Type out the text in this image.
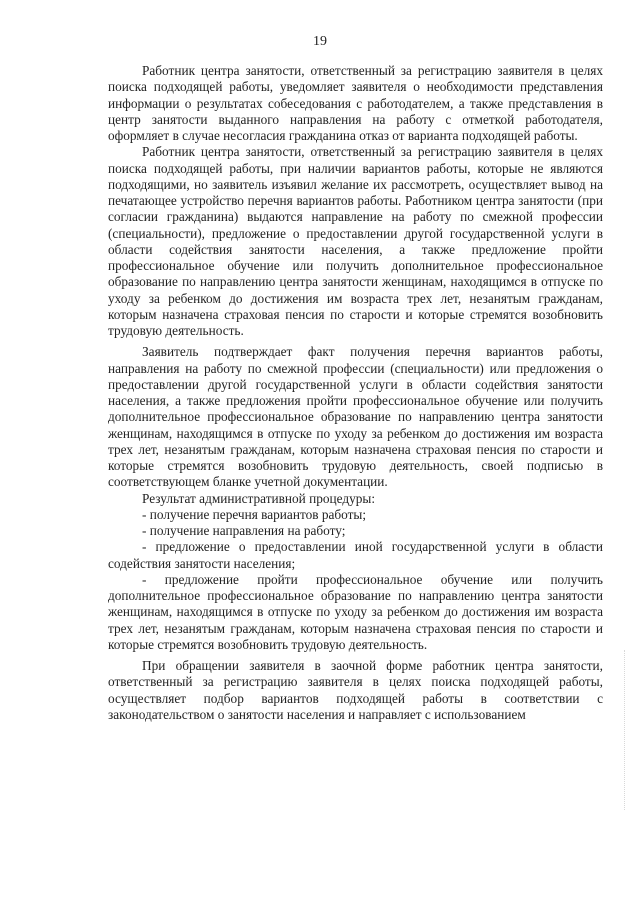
19

Работник центра занятости, ответственный за регистрацию заявителя в целях поиска подходящей работы, уведомляет заявителя о необходимости представления информации о результатах собеседования с работодателем, а также представления в центр занятости выданного направления на работу с отметкой работодателя, оформляет в случае несогласия гражданина отказ от варианта подходящей работы.

Работник центра занятости, ответственный за регистрацию заявителя в целях поиска подходящей работы, при наличии вариантов работы, которые не являются подходящими, но заявитель изъявил желание их рассмотреть, осуществляет вывод на печатающее устройство перечня вариантов работы. Работником центра занятости (при согласии гражданина) выдаются направление на работу по смежной профессии (специальности), предложение о предоставлении другой государственной услуги в области содействия занятости населения, а также предложение пройти профессиональное обучение или получить дополнительное профессиональное образование по направлению центра занятости женщинам, находящимся в отпуске по уходу за ребенком до достижения им возраста трех лет, незанятым гражданам, которым назначена страховая пенсия по старости и которые стремятся возобновить трудовую деятельность.

Заявитель подтверждает факт получения перечня вариантов работы, направления на работу по смежной профессии (специальности) или предложения о предоставлении другой государственной услуги в области содействия занятости населения, а также предложения пройти профессиональное обучение или получить дополнительное профессиональное образование по направлению центра занятости женщинам, находящимся в отпуске по уходу за ребенком до достижения им возраста трех лет, незанятым гражданам, которым назначена страховая пенсия по старости и которые стремятся возобновить трудовую деятельность, своей подписью в соответствующем бланке учетной документации.

Результат административной процедуры:

- получение перечня вариантов работы;

- получение направления на работу;

- предложение о предоставлении иной государственной услуги в области содействия занятости населения;

- предложение пройти профессиональное обучение или получить дополнительное профессиональное образование по направлению центра занятости женщинам, находящимся в отпуске по уходу за ребенком до достижения им возраста трех лет, незанятым гражданам, которым назначена страховая пенсия по старости и которые стремятся возобновить трудовую деятельность.

При обращении заявителя в заочной форме работник центра занятости, ответственный за регистрацию заявителя в целях поиска подходящей работы, осуществляет подбор вариантов подходящей работы в соответствии с законодательством о занятости населения и направляет с использованием
